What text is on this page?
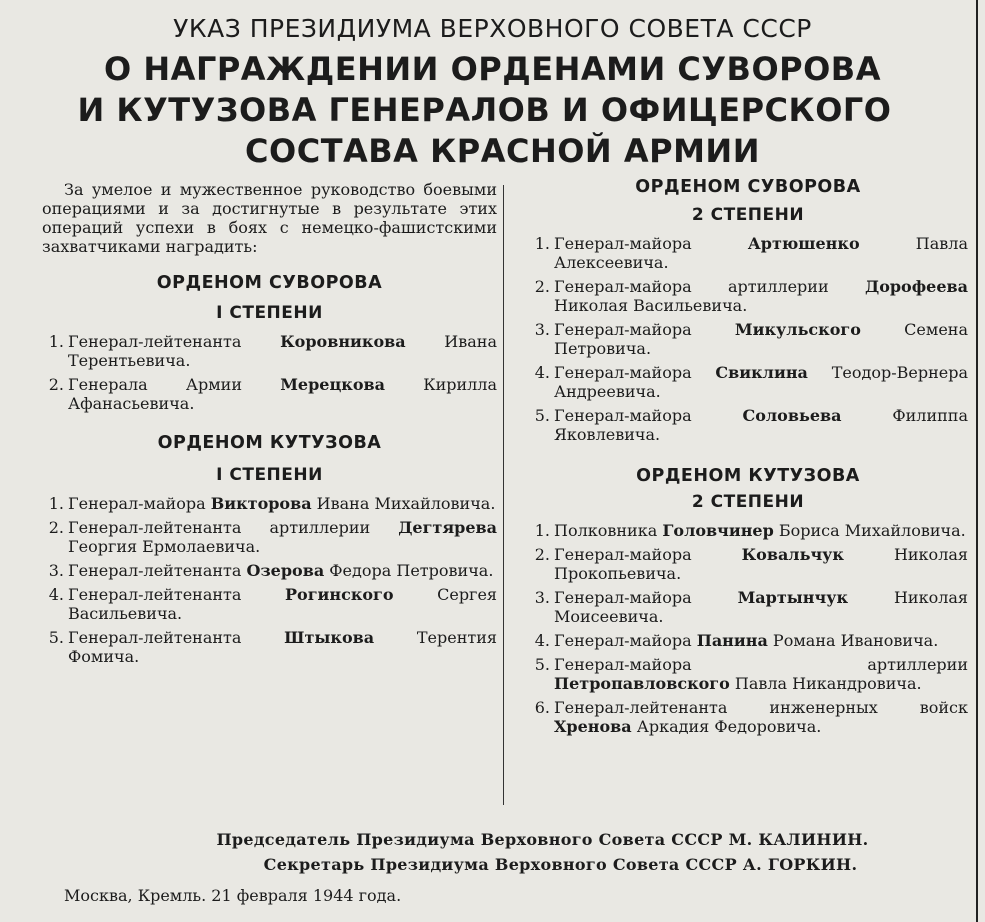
УКАЗ ПРЕЗИДИУМА ВЕРХОВНОГО СОВЕТА СССР
О НАГРАЖДЕНИИ ОРДЕНАМИ СУВОРОВА
И КУТУЗОВА ГЕНЕРАЛОВ И ОФИЦЕРСКОГО
СОСТАВА КРАСНОЙ АРМИИ

За умелое и мужественное руководство боевыми операциями и за достигнутые в результате этих операций успехи в боях с немецко-фашистскими захватчиками наградить:

ОРДЕНОМ СУВОРОВА
I СТЕПЕНИ
1. Генерал-лейтенанта Коровникова Ивана Терентьевича.
2. Генерала Армии Мерецкова Кирилла Афанасьевича.
ОРДЕНОМ КУТУЗОВА
I СТЕПЕНИ
1. Генерал-майора Викторова Ивана Михайловича.
2. Генерал-лейтенанта артиллерии Дегтярева Георгия Ермолаевича.
3. Генерал-лейтенанта Озерова Федора Петровича.
4. Генерал-лейтенанта Рогинского Сергея Васильевича.
5. Генерал-лейтенанта Штыкова Терентия Фомича.
ОРДЕНОМ СУВОРОВА
2 СТЕПЕНИ
1. Генерал-майора Артюшенко Павла Алексеевича.
2. Генерал-майора артиллерии Дорофеева Николая Васильевича.
3. Генерал-майора Микульского Семена Петровича.
4. Генерал-майора Свиклина Теодор-Вернера Андреевича.
5. Генерал-майора Соловьева Филиппа Яковлевича.
ОРДЕНОМ КУТУЗОВА
2 СТЕПЕНИ
1. Полковника Головчинер Бориса Михайловича.
2. Генерал-майора Ковальчук Николая Прокопьевича.
3. Генерал-майора Мартынчук Николая Моисеевича.
4. Генерал-майора Панина Романа Ивановича.
5. Генерал-майора артиллерии Петропавловского Павла Никандровича.
6. Генерал-лейтенанта инженерных войск Хренова Аркадия Федоровича.
Председатель Президиума Верховного Совета СССР М. КАЛИНИН.
Секретарь Президиума Верховного Совета СССР А. ГОРКИН.
Москва, Кремль. 21 февраля 1944 года.
